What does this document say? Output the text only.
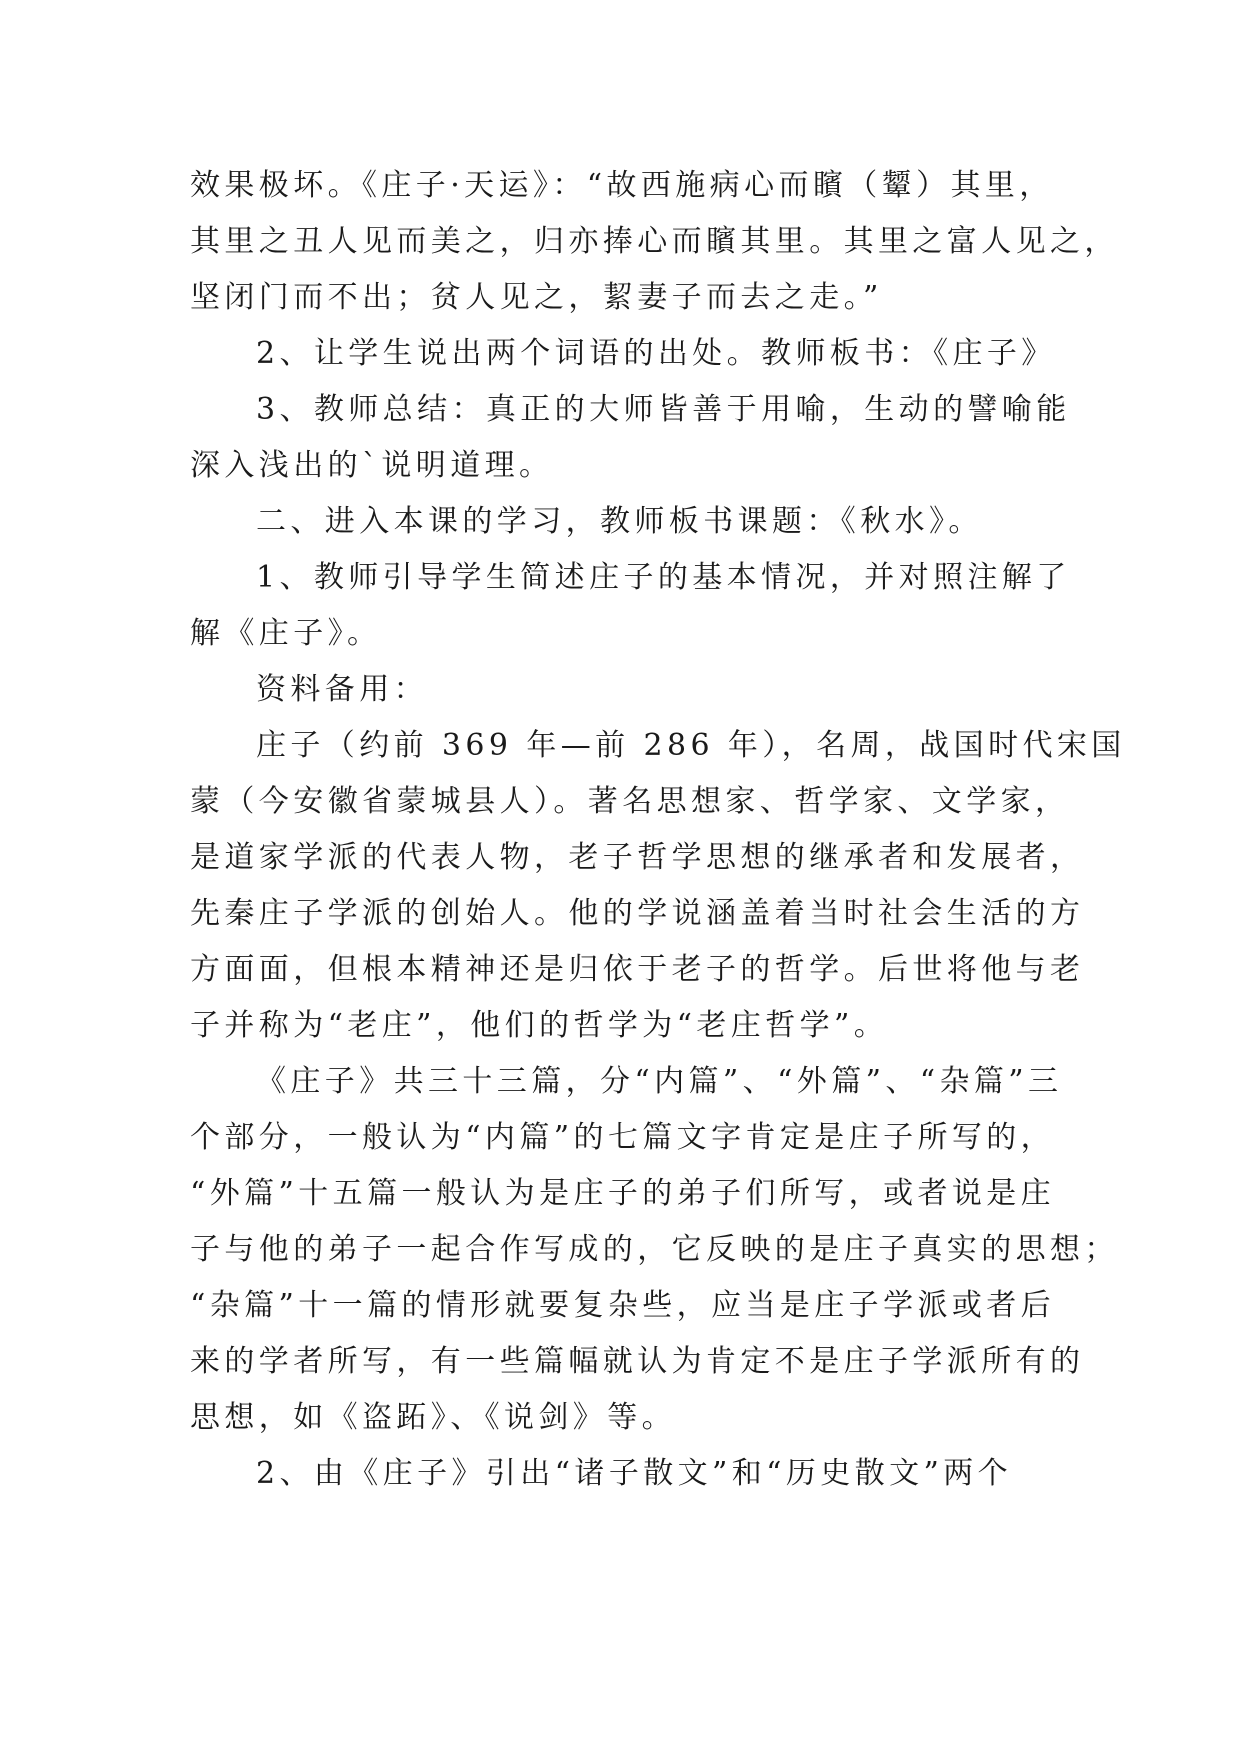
效果极坏。《庄子·天运》：“故西施病心而矉（颦）其里，
其里之丑人见而美之，归亦捧心而矉其里。其里之富人见之，
坚闭门而不出；贫人见之，絜妻子而去之走。”
2、让学生说出两个词语的出处。教师板书：《庄子》
3、教师总结：真正的大师皆善于用喻，生动的譬喻能
深入浅出的`说明道理。
二、进入本课的学习，教师板书课题：《秋水》。
1、教师引导学生简述庄子的基本情况，并对照注解了
解《庄子》。
资料备用：
庄子（约前 369 年—前 286 年），名周，战国时代宋国
蒙（今安徽省蒙城县人）。著名思想家、哲学家、文学家，
是道家学派的代表人物，老子哲学思想的继承者和发展者，
先秦庄子学派的创始人。他的学说涵盖着当时社会生活的方
方面面，但根本精神还是归依于老子的哲学。后世将他与老
子并称为“老庄”，他们的哲学为“老庄哲学”。
《庄子》共三十三篇，分“内篇”、“外篇”、“杂篇”三
个部分，一般认为“内篇”的七篇文字肯定是庄子所写的，
“外篇”十五篇一般认为是庄子的弟子们所写，或者说是庄
子与他的弟子一起合作写成的，它反映的是庄子真实的思想；
“杂篇”十一篇的情形就要复杂些，应当是庄子学派或者后
来的学者所写，有一些篇幅就认为肯定不是庄子学派所有的
思想，如《盗跖》、《说剑》等。
2、由《庄子》引出“诸子散文”和“历史散文”两个
